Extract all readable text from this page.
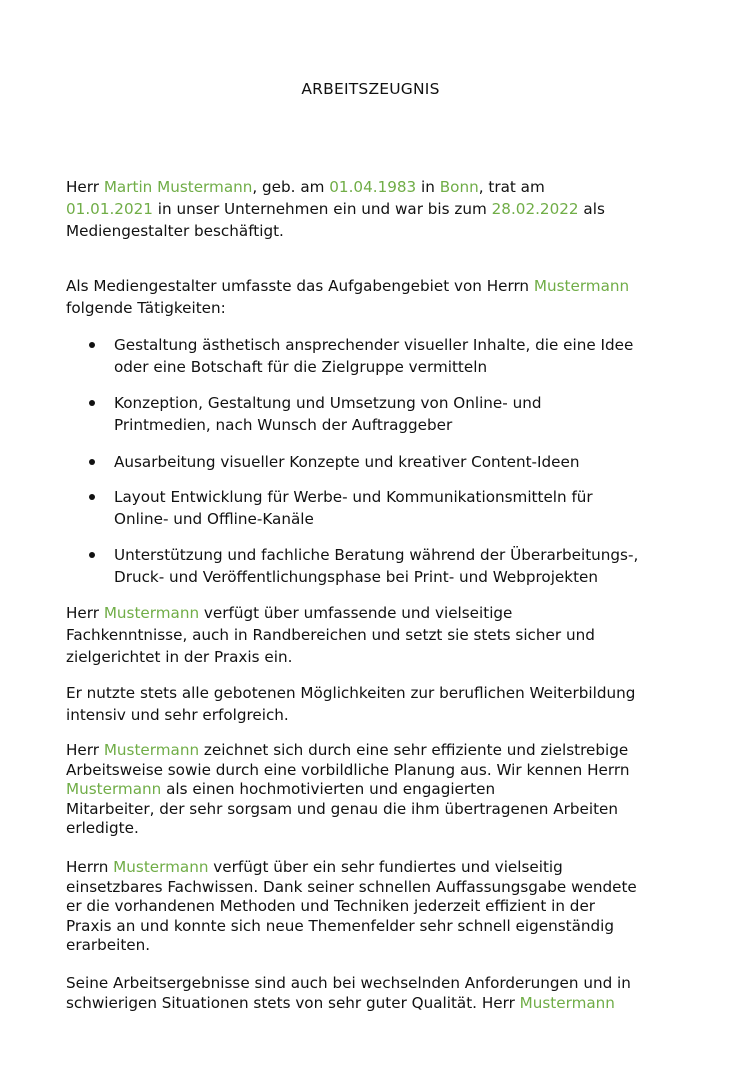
ARBEITSZEUGNIS
Herr Martin Mustermann, geb. am 01.04.1983 in Bonn, trat am
01.01.2021 in unser Unternehmen ein und war bis zum 28.02.2022 als
Mediengestalter beschäftigt.
Als Mediengestalter umfasste das Aufgabengebiet von Herrn Mustermann
folgende Tätigkeiten:
Gestaltung ästhetisch ansprechender visueller Inhalte, die eine Idee
oder eine Botschaft für die Zielgruppe vermitteln
Konzeption, Gestaltung und Umsetzung von Online- und
Printmedien, nach Wunsch der Auftraggeber
Ausarbeitung visueller Konzepte und kreativer Content-Ideen
Layout Entwicklung für Werbe- und Kommunikationsmitteln für
Online- und Offline-Kanäle
Unterstützung und fachliche Beratung während der Überarbeitungs-,
Druck- und Veröffentlichungsphase bei Print- und Webprojekten
Herr Mustermann verfügt über umfassende und vielseitige
Fachkenntnisse, auch in Randbereichen und setzt sie stets sicher und
zielgerichtet in der Praxis ein.
Er nutzte stets alle gebotenen Möglichkeiten zur beruflichen Weiterbildung
intensiv und sehr erfolgreich.
Herr Mustermann zeichnet sich durch eine sehr effiziente und zielstrebige
Arbeitsweise sowie durch eine vorbildliche Planung aus. Wir kennen Herrn
Mustermann als einen hochmotivierten und engagierten
Mitarbeiter, der sehr sorgsam und genau die ihm übertragenen Arbeiten
erledigte.
Herrn Mustermann verfügt über ein sehr fundiertes und vielseitig
einsetzbares Fachwissen. Dank seiner schnellen Auffassungsgabe wendete
er die vorhandenen Methoden und Techniken jederzeit effizient in der
Praxis an und konnte sich neue Themenfelder sehr schnell eigenständig
erarbeiten.
Seine Arbeitsergebnisse sind auch bei wechselnden Anforderungen und in
schwierigen Situationen stets von sehr guter Qualität. Herr Mustermann
